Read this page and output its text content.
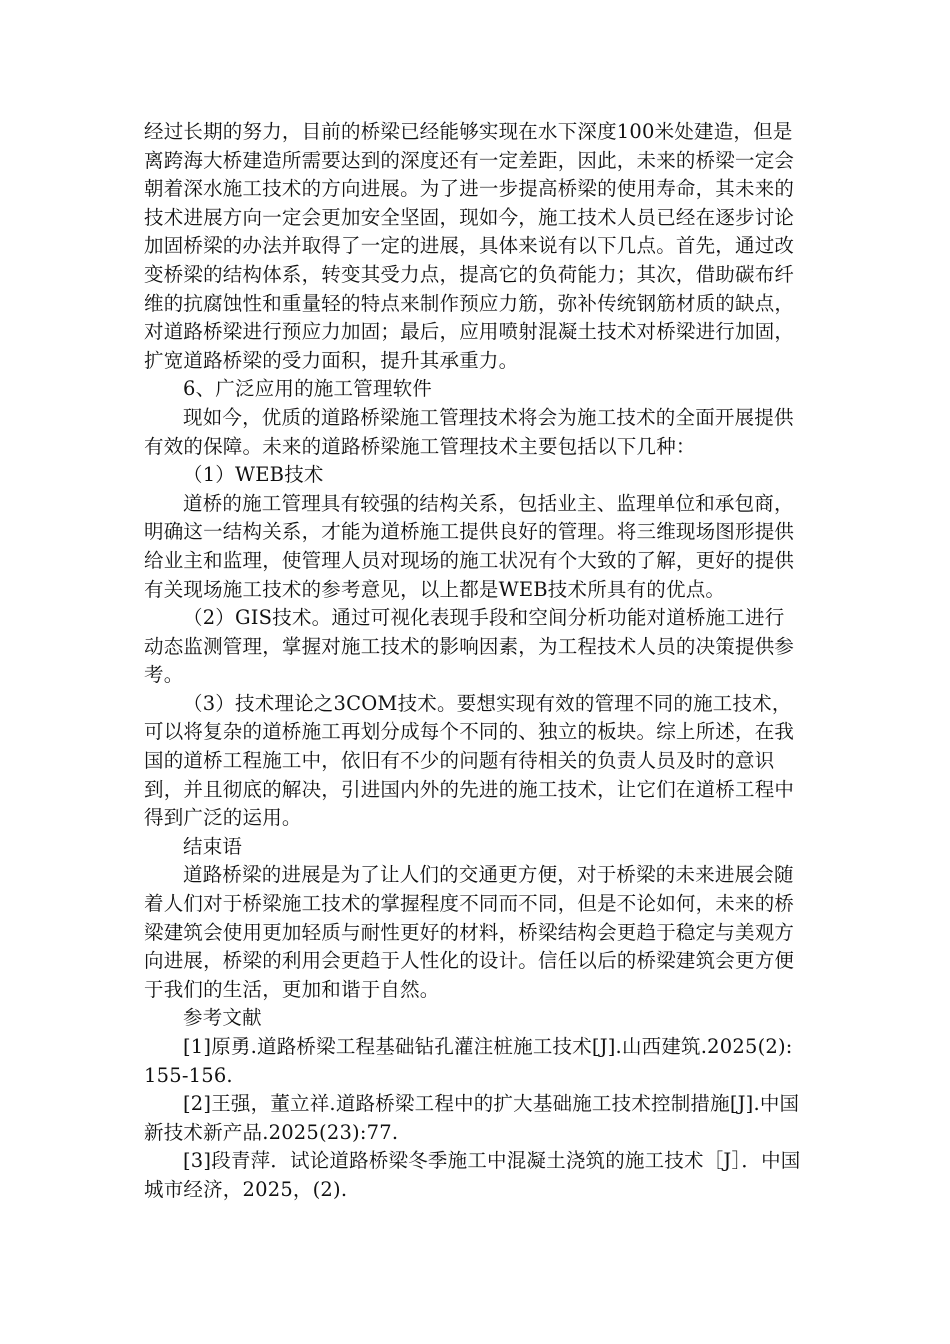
经过长期的努力，目前的桥梁已经能够实现在水下深度100米处建造，但是离跨海大桥建造所需要达到的深度还有一定差距，因此，未来的桥梁一定会朝着深水施工技术的方向进展。为了进一步提高桥梁的使用寿命，其未来的技术进展方向一定会更加安全坚固，现如今，施工技术人员已经在逐步讨论加固桥梁的办法并取得了一定的进展，具体来说有以下几点。首先，通过改变桥梁的结构体系，转变其受力点，提高它的负荷能力；其次，借助碳布纤维的抗腐蚀性和重量轻的特点来制作预应力筋，弥补传统钢筋材质的缺点，对道路桥梁进行预应力加固；最后，应用喷射混凝土技术对桥梁进行加固，扩宽道路桥梁的受力面积，提升其承重力。

6、广泛应用的施工管理软件

现如今，优质的道路桥梁施工管理技术将会为施工技术的全面开展提供有效的保障。未来的道路桥梁施工管理技术主要包括以下几种：

（1）WEB技术

道桥的施工管理具有较强的结构关系，包括业主、监理单位和承包商，明确这一结构关系，才能为道桥施工提供良好的管理。将三维现场图形提供给业主和监理，使管理人员对现场的施工状况有个大致的了解，更好的提供有关现场施工技术的参考意见，以上都是WEB技术所具有的优点。

（2）GIS技术。通过可视化表现手段和空间分析功能对道桥施工进行动态监测管理，掌握对施工技术的影响因素，为工程技术人员的决策提供参考。

（3）技术理论之3COM技术。要想实现有效的管理不同的施工技术，可以将复杂的道桥施工再划分成每个不同的、独立的板块。综上所述，在我国的道桥工程施工中，依旧有不少的问题有待相关的负责人员及时的意识到，并且彻底的解决，引进国内外的先进的施工技术，让它们在道桥工程中得到广泛的运用。

结束语

道路桥梁的进展是为了让人们的交通更方便，对于桥梁的未来进展会随着人们对于桥梁施工技术的掌握程度不同而不同，但是不论如何，未来的桥梁建筑会使用更加轻质与耐性更好的材料，桥梁结构会更趋于稳定与美观方向进展，桥梁的利用会更趋于人性化的设计。信任以后的桥梁建筑会更方便于我们的生活，更加和谐于自然。

参考文献

[1]原勇.道路桥梁工程基础钻孔灌注桩施工技术[J].山西建筑.2025(2):155-156.

[2]王强，董立祥.道路桥梁工程中的扩大基础施工技术控制措施[J].中国新技术新产品.2025(23):77.

[3]段青萍．试论道路桥梁冬季施工中混凝土浇筑的施工技术［J］．中国城市经济，2025，(2).
